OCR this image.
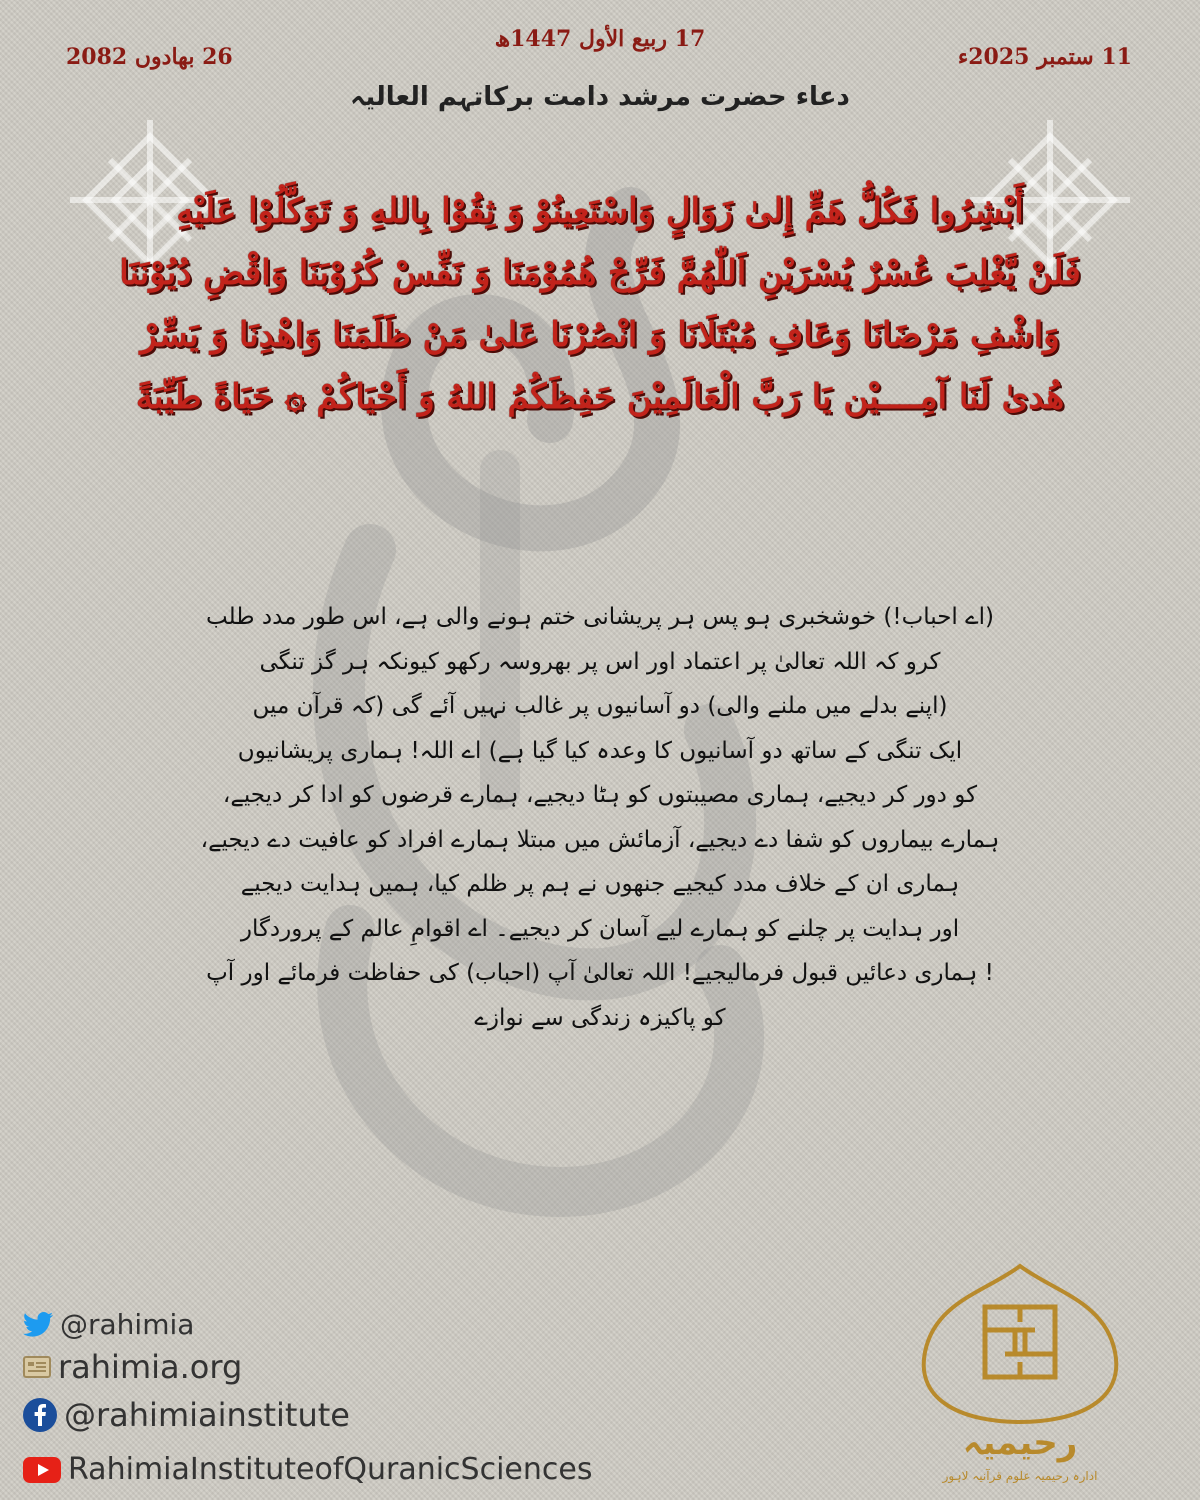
26 بھادوں 2082
17 ربیع الأول 1447ھ
11 ستمبر 2025ء
دعاء حضرت مرشد دامت برکاتہم العالیہ
أَبْشِرُوا فَكُلُّ هَمٍّ إِلىٰ زَوَالٍ وَاسْتَعِينُوْ وَ ثِقُوْا بِاللهِ وَ تَوَكَّلُوْا عَلَيْهِ
فَلَنْ يَّغْلِبَ عُسْرٌ يُسْرَيْنِ اَللّٰهُمَّ فَرِّجْ هُمُوْمَنَا وَ نَفِّسْ كُرُوْبَنَا وَاقْضِ دُيُوْنَنَا
وَاشْفِ مَرْضَانَا وَعَافِ مُبْتَلَانَا وَ انْصُرْنَا عَلىٰ مَنْ ظَلَمَنَا وَاهْدِنَا وَ يَسِّرْ
هُدىٰ لَنَا آمِــــيْن يَا رَبَّ الْعَالَمِيْنَ حَفِظَكُمُ اللهُ وَ أَحْيَاكُمْ ۞ حَيَاةً طَيِّبَةً
(اے احباب!) خوشخبری ہو پس ہر پریشانی ختم ہونے والی ہے، اس طور مدد طلب
کرو کہ اللہ تعالیٰ پر اعتماد اور اس پر بھروسہ رکھو کیونکہ ہر گز تنگی
(اپنے بدلے میں ملنے والی) دو آسانیوں پر غالب نہیں آئے گی (کہ قرآن میں
ایک تنگی کے ساتھ دو آسانیوں کا وعدہ کیا گیا ہے) اے اللہ! ہماری پریشانیوں
کو دور کر دیجیے، ہماری مصیبتوں کو ہٹا دیجیے، ہمارے قرضوں کو ادا کر دیجیے،
ہمارے بیماروں کو شفا دے دیجیے، آزمائش میں مبتلا ہمارے افراد کو عافیت دے دیجیے،
ہماری ان کے خلاف مدد کیجیے جنھوں نے ہم پر ظلم کیا، ہمیں ہدایت دیجیے
اور ہدایت پر چلنے کو ہمارے لیے آسان کر دیجیے۔ اے اقوامِ عالم کے پروردگار
! ہماری دعائیں قبول فرمالیجیے! اللہ تعالیٰ آپ (احباب) کی حفاظت فرمائے اور آپ
کو پاکیزہ زندگی سے نوازے
@rahimia
rahimia.org
@rahimiainstitute
RahimiaInstituteofQuranicSciences
رحیمیہ
ادارہ رحیمیہ علوم قرآنیہ لاہور
